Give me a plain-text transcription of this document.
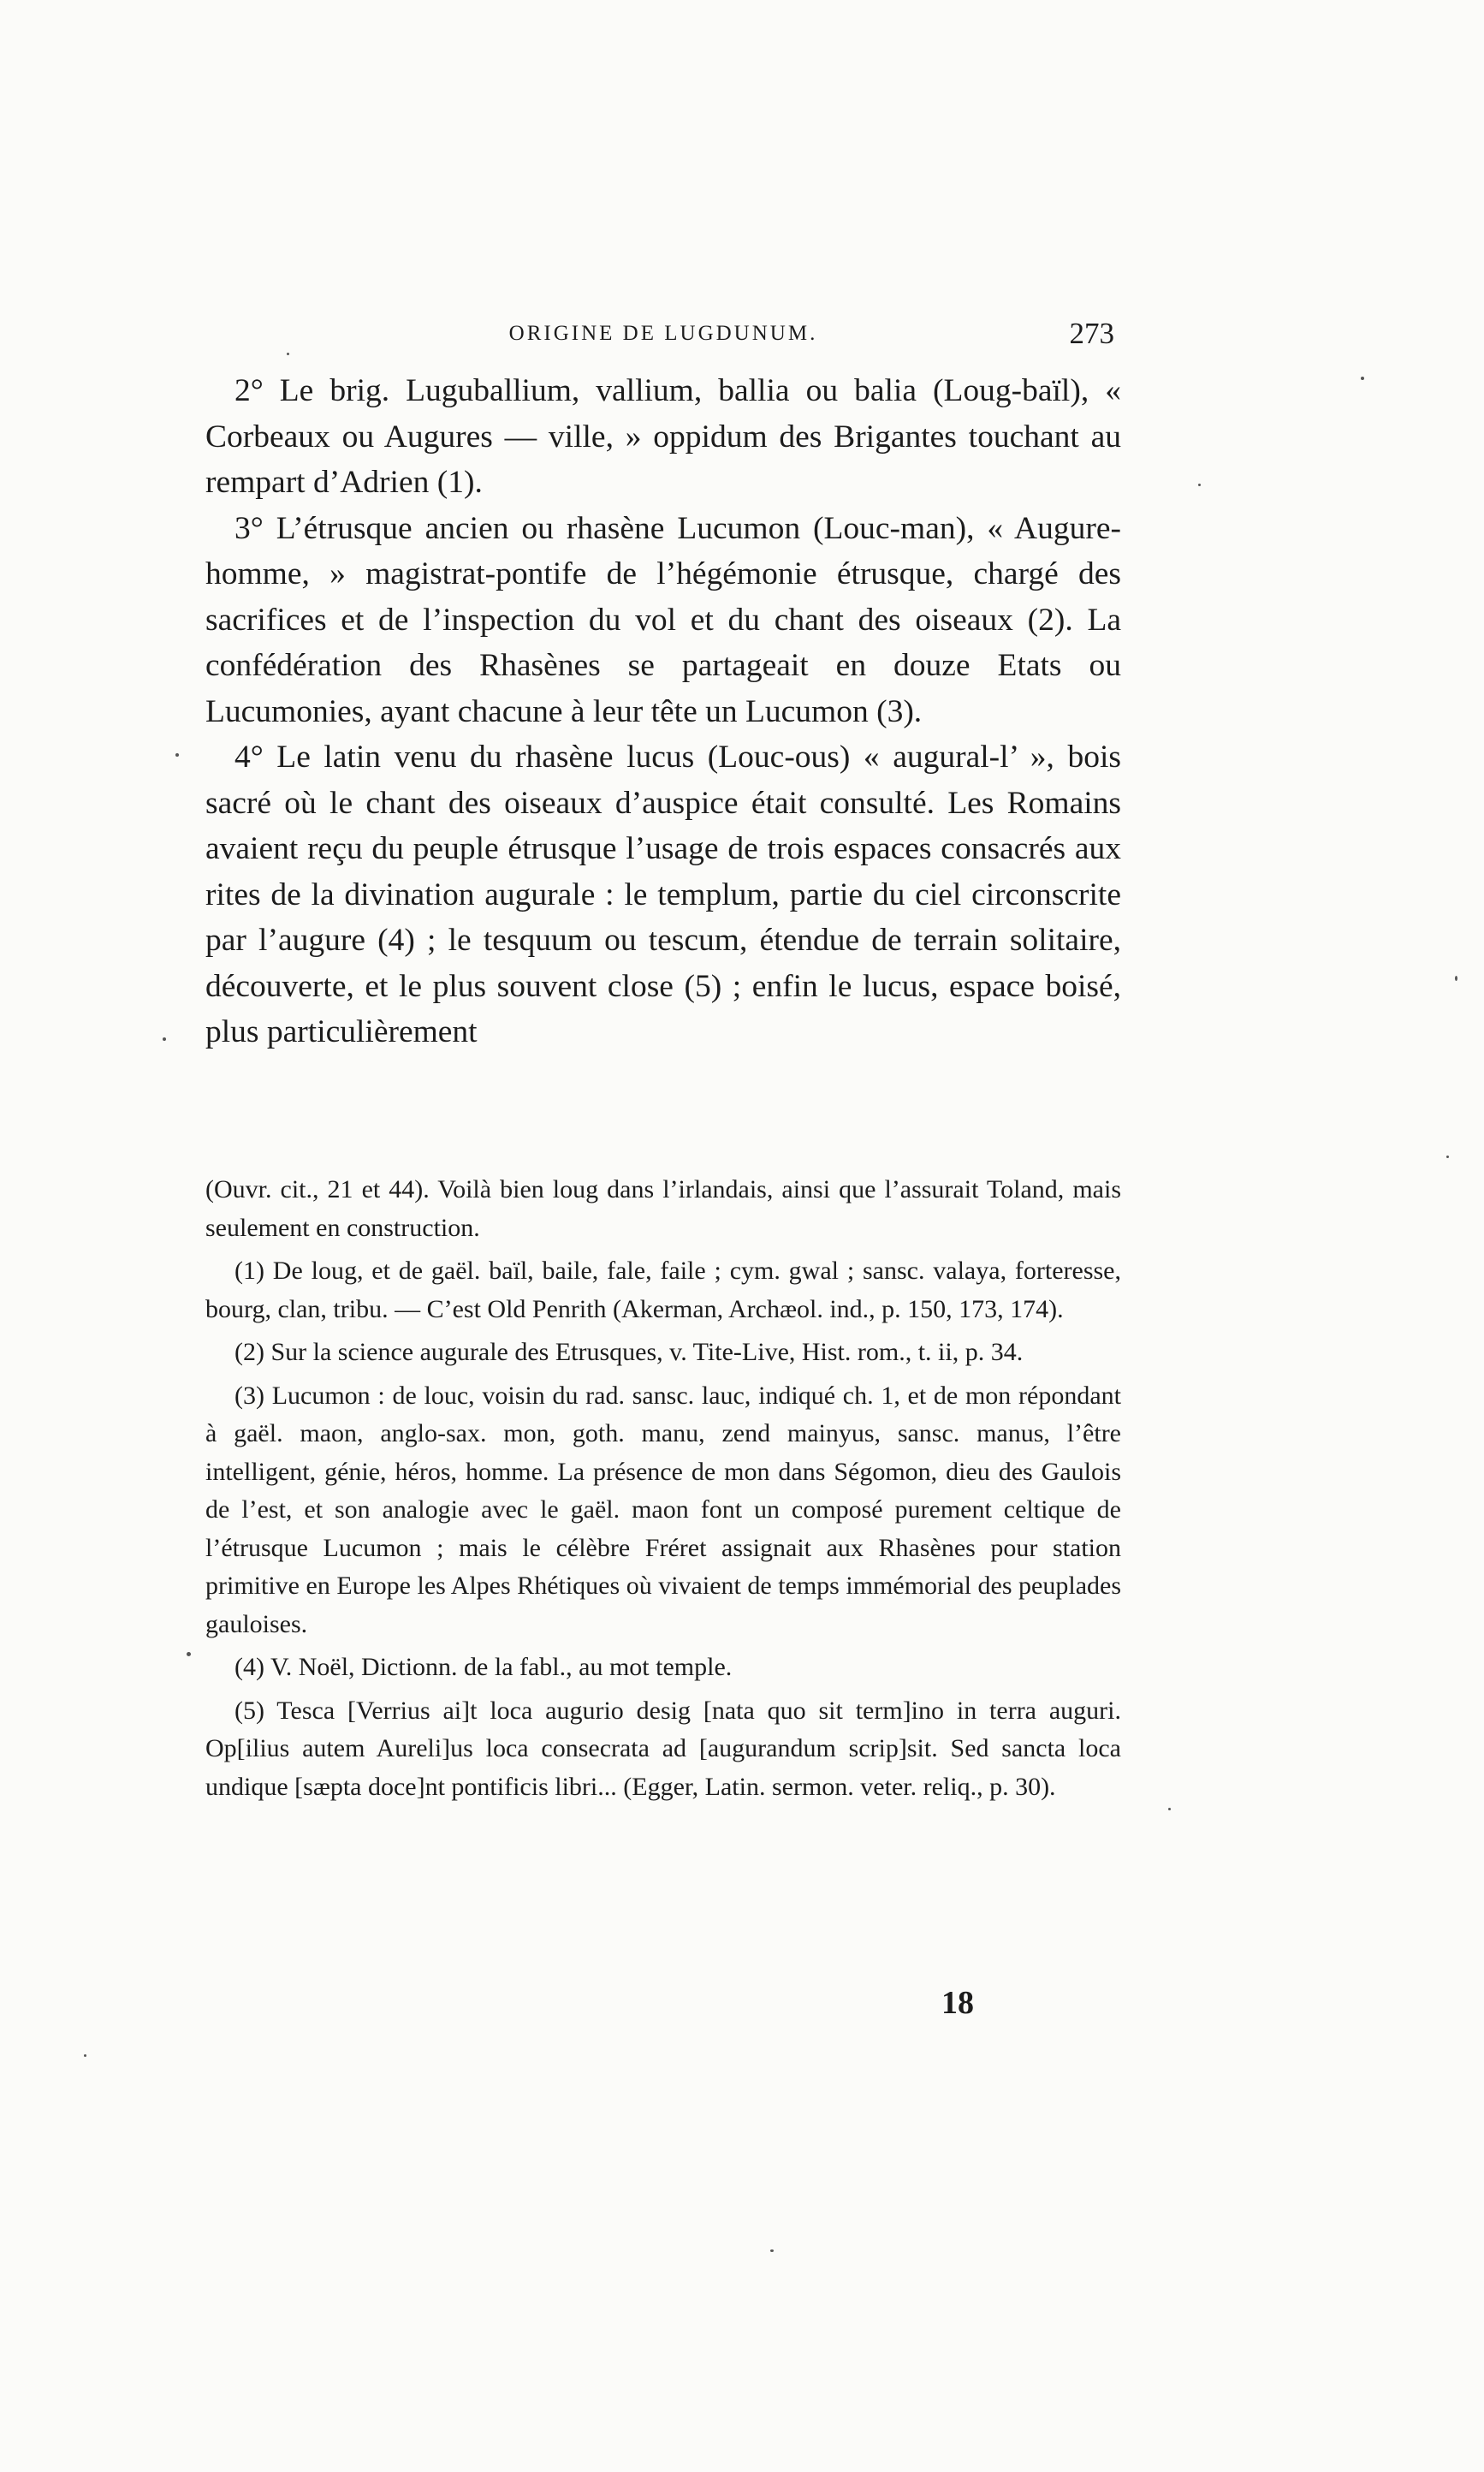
ORIGINE DE LUGDUNUM.	273

2° Le brig. Luguballium, vallium, ballia ou balia (Loug-baïl), « Corbeaux ou Augures — ville, » oppidum des Brigantes touchant au rempart d’Adrien (1).

3° L’étrusque ancien ou rhasène Lucumon (Louc-man), « Augure-homme, » magistrat-pontife de l’hégémonie étrusque, chargé des sacrifices et de l’inspection du vol et du chant des oiseaux (2). La confédération des Rhasènes se partageait en douze Etats ou Lucumonies, ayant chacune à leur tête un Lucumon (3).

4° Le latin venu du rhasène lucus (Louc-ous) « augural-l’ », bois sacré où le chant des oiseaux d’auspice était consulté. Les Romains avaient reçu du peuple étrusque l’usage de trois espaces consacrés aux rites de la divination augurale : le templum, partie du ciel circonscrite par l’augure (4) ; le tesquum ou tescum, étendue de terrain solitaire, découverte, et le plus souvent close (5) ; enfin le lucus, espace boisé, plus particulièrement

(Ouvr. cit., 21 et 44). Voilà bien loug dans l’irlandais, ainsi que l’assurait Toland, mais seulement en construction.

(1) De loug, et de gaël. baïl, baile, fale, faile ; cym. gwal ; sansc. valaya, forteresse, bourg, clan, tribu. — C’est Old Penrith (Akerman, Archæol. ind., p. 150, 173, 174).

(2) Sur la science augurale des Etrusques, v. Tite-Live, Hist. rom., t. ii, p. 34.

(3) Lucumon : de louc, voisin du rad. sansc. lauc, indiqué ch. 1, et de mon répondant à gaël. maon, anglo-sax. mon, goth. manu, zend mainyus, sansc. manus, l’être intelligent, génie, héros, homme. La présence de mon dans Ségomon, dieu des Gaulois de l’est, et son analogie avec le gaël. maon font un composé purement celtique de l’étrusque Lucumon ; mais le célèbre Fréret assignait aux Rhasènes pour station primitive en Europe les Alpes Rhétiques où vivaient de temps immémorial des peuplades gauloises.

(4) V. Noël, Dictionn. de la fabl., au mot temple.

(5) Tesca [Verrius ai]t loca augurio desig [nata quo sit term]ino in terra auguri. Op[ilius autem Aureli]us loca consecrata ad [augurandum scrip]sit. Sed sancta loca undique [sæpta doce]nt pontificis libri... (Egger, Latin. sermon. veter. reliq., p. 30).

18
